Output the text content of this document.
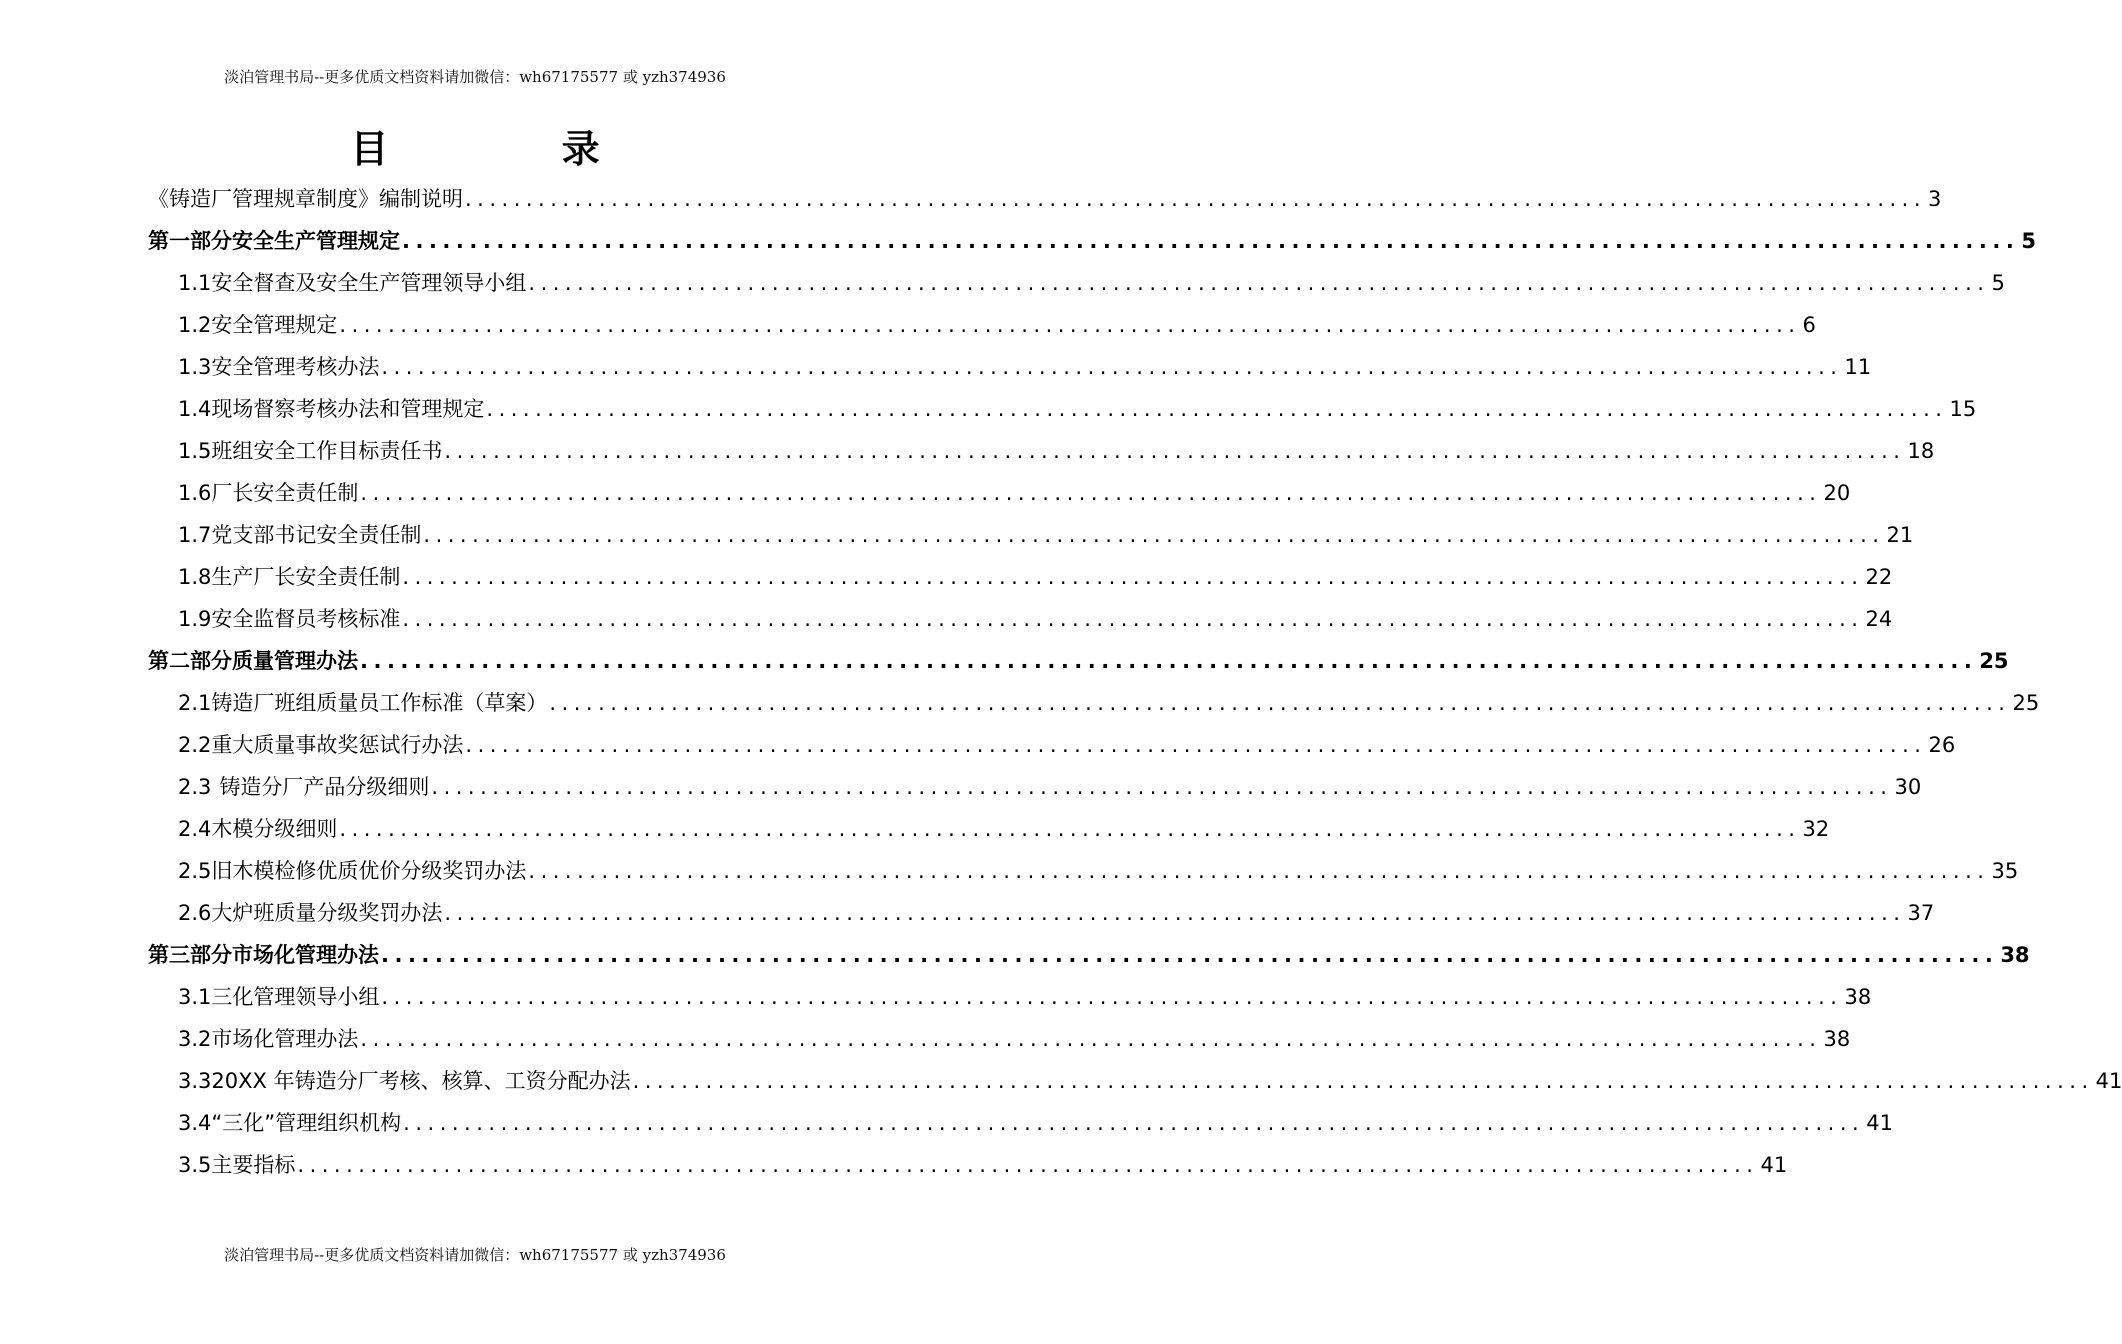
淡泊管理书局--更多优质文档资料请加微信：wh67175577 或 yzh374936
目 录
《铸造厂管理规章制度》编制说明 ........................................................................................................................ 3
第一部分 安全生产管理规定 ........................................................................................................................ 5
1.1 安全督查及安全生产管理领导小组 ........................................................................................................................ 5
1.2 安全管理规定 ........................................................................................................................ 6
1.3 安全管理考核办法 ........................................................................................................................ 11
1.4 现场督察考核办法和管理规定 ........................................................................................................................ 15
1.5 班组安全工作目标责任书 ........................................................................................................................ 18
1.6 厂长安全责任制 ........................................................................................................................ 20
1.7 党支部书记安全责任制 ........................................................................................................................ 21
1.8 生产厂长安全责任制 ........................................................................................................................ 22
1.9 安全监督员考核标准 ........................................................................................................................ 24
第二部分 质量管理办法 ........................................................................................................................ 25
2.1 铸造厂班组质量员工作标准（草案） ........................................................................................................................ 25
2.2 重大质量事故奖惩试行办法 ........................................................................................................................ 26
2.3 铸造分厂产品分级细则 ........................................................................................................................ 30
2.4 木模分级细则 ........................................................................................................................ 32
2.5 旧木模检修优质优价分级奖罚办法 ........................................................................................................................ 35
2.6 大炉班质量分级奖罚办法 ........................................................................................................................ 37
第三部分 市场化管理办法 ........................................................................................................................ 38
3.1 三化管理领导小组 ........................................................................................................................ 38
3.2 市场化管理办法 ........................................................................................................................ 38
3.3 20XX 年铸造分厂考核、核算、工资分配办法 ........................................................................................................................ 41
3.4 “三化”管理组织机构 ........................................................................................................................ 41
3.5 主要指标 ........................................................................................................................ 41
淡泊管理书局--更多优质文档资料请加微信：wh67175577 或 yzh374936
